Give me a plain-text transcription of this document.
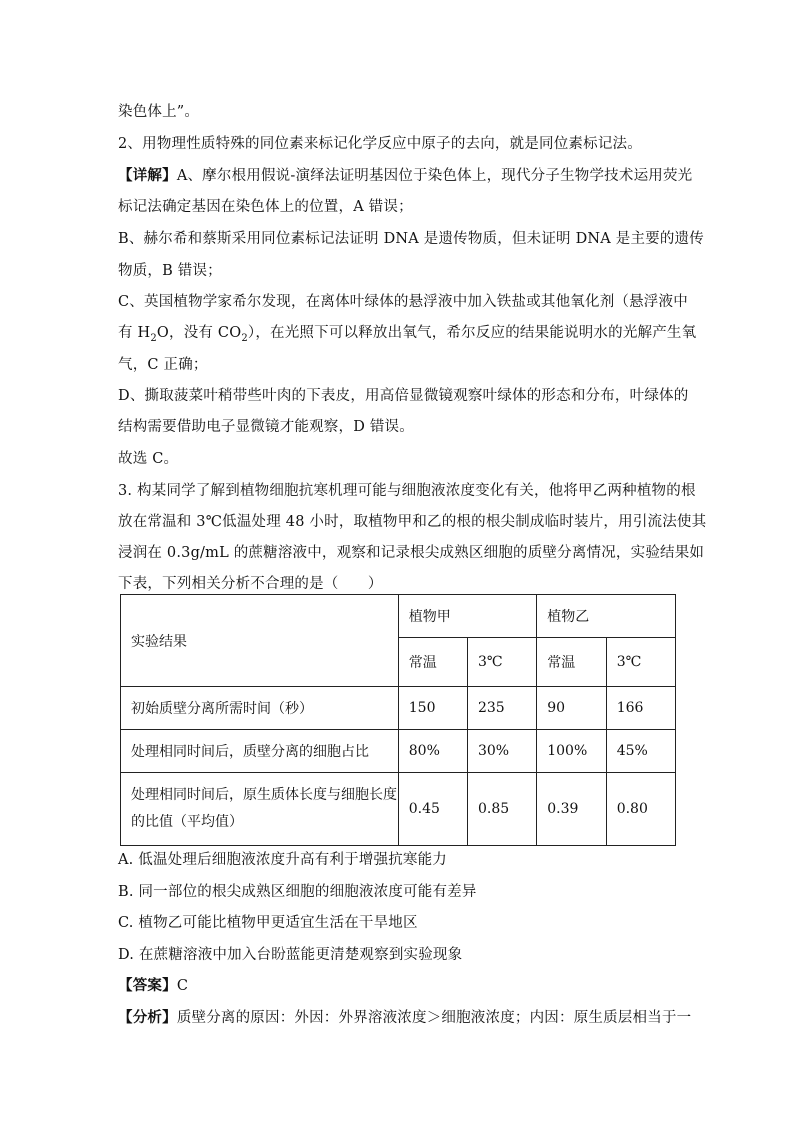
染色体上”。
2、用物理性质特殊的同位素来标记化学反应中原子的去向，就是同位素标记法。
【详解】A、摩尔根用假说-演绎法证明基因位于染色体上，现代分子生物学技术运用荧光
标记法确定基因在染色体上的位置，A 错误；
B、赫尔希和蔡斯采用同位素标记法证明 DNA 是遗传物质，但未证明 DNA 是主要的遗传
物质，B 错误；
C、英国植物学家希尔发现，在离体叶绿体的悬浮液中加入铁盐或其他氧化剂（悬浮液中
有 $H_2O$，没有 $CO_2$），在光照下可以释放出氧气，希尔反应的结果能说明水的光解产生氧
气，C 正确；
D、撕取菠菜叶稍带些叶肉的下表皮，用高倍显微镜观察叶绿体的形态和分布，叶绿体的
结构需要借助电子显微镜才能观察，D 错误。
故选 C。
3. 构某同学了解到植物细胞抗寒机理可能与细胞液浓度变化有关，他将甲乙两种植物的根
放在常温和 3℃低温处理 48 小时，取植物甲和乙的根的根尖制成临时装片，用引流法使其
浸润在 0.3g/mL 的蔗糖溶液中，观察和记录根尖成熟区细胞的质壁分离情况，实验结果如
下表，下列相关分析不合理的是（　　）
实验结果	植物甲		植物乙	
	常温	3℃	常温	3℃
初始质壁分离所需时间（秒）	150	235	90	166
处理相同时间后，质壁分离的细胞占比	80%	30%	100%	45%

处理相同时间后，原生质体长度与细胞长度
的比值（平均值）	0.45	0.85	0.39	0.80
A. 低温处理后细胞液浓度升高有利于增强抗寒能力
B. 同一部位的根尖成熟区细胞的细胞液浓度可能有差异
C. 植物乙可能比植物甲更适宜生活在干旱地区
D. 在蔗糖溶液中加入台盼蓝能更清楚观察到实验现象
【答案】C
【分析】质壁分离的原因：外因：外界溶液浓度＞细胞液浓度；内因：原生质层相当于一
